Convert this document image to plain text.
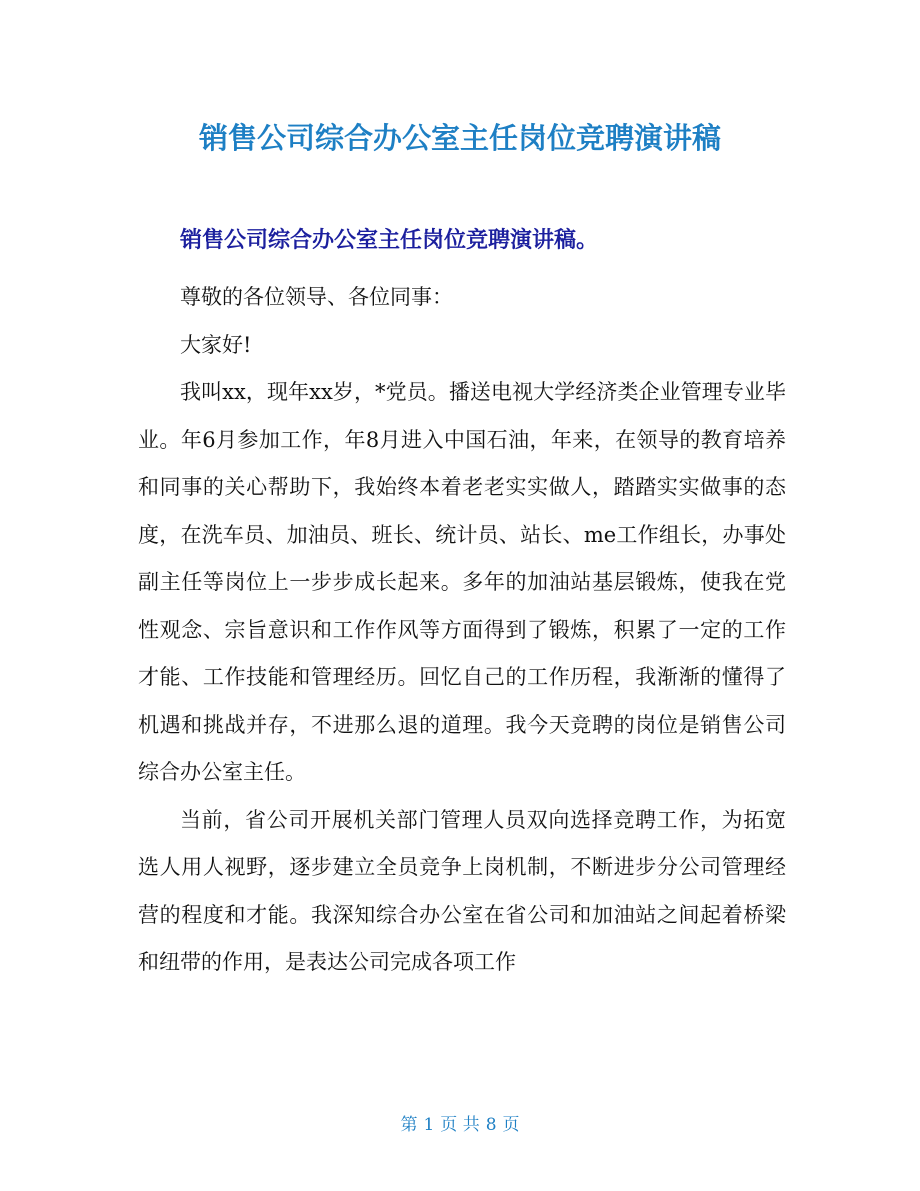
销售公司综合办公室主任岗位竞聘演讲稿
销售公司综合办公室主任岗位竞聘演讲稿。

尊敬的各位领导、各位同事：

大家好!

我叫xx，现年xx岁，*党员。播送电视大学经济类企业管理专业毕业。年6月参加工作，年8月进入中国石油，年来，在领导的教育培养和同事的关心帮助下，我始终本着老老实实做人，踏踏实实做事的态度，在洗车员、加油员、班长、统计员、站长、me工作组长，办事处副主任等岗位上一步步成长起来。多年的加油站基层锻炼，使我在党性观念、宗旨意识和工作作风等方面得到了锻炼，积累了一定的工作才能、工作技能和管理经历。回忆自己的工作历程，我渐渐的懂得了机遇和挑战并存，不进那么退的道理。我今天竞聘的岗位是销售公司综合办公室主任。

当前，省公司开展机关部门管理人员双向选择竞聘工作，为拓宽选人用人视野，逐步建立全员竞争上岗机制，不断进步分公司管理经营的程度和才能。我深知综合办公室在省公司和加油站之间起着桥梁和纽带的作用，是表达公司完成各项工作

第 1 页 共 8 页
